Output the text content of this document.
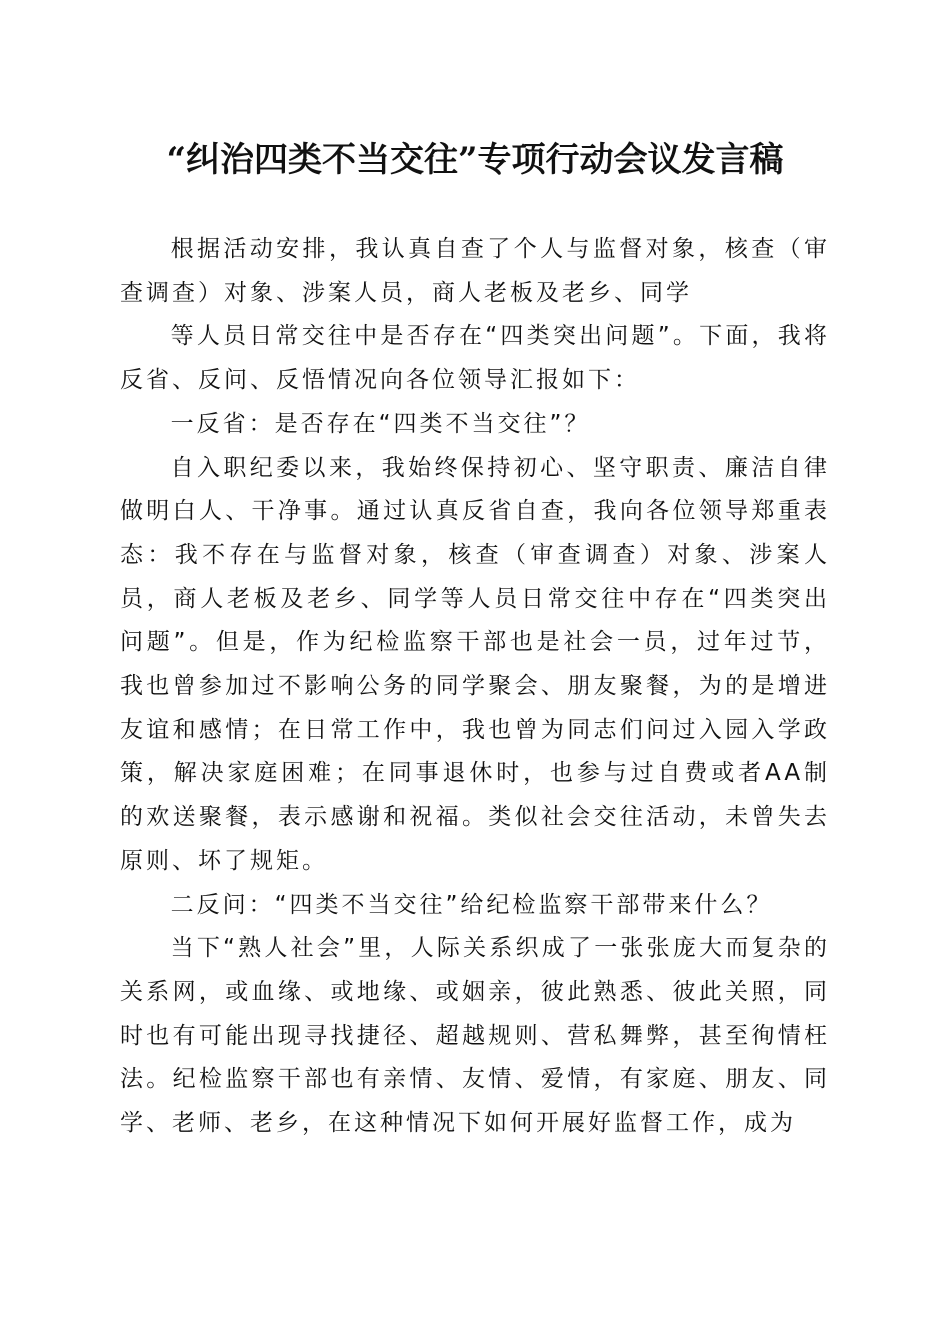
“纠治四类不当交往”专项行动会议发言稿

根据活动安排，我认真自查了个人与监督对象，核查（审查调查）对象、涉案人员，商人老板及老乡、同学

等人员日常交往中是否存在“四类突出问题”。下面，我将反省、反问、反悟情况向各位领导汇报如下：

一反省：是否存在“四类不当交往”？

自入职纪委以来，我始终保持初心、坚守职责、廉洁自律做明白人、干净事。通过认真反省自查，我向各位领导郑重表态：我不存在与监督对象，核查（审查调查）对象、涉案人员，商人老板及老乡、同学等人员日常交往中存在“四类突出问题”。但是，作为纪检监察干部也是社会一员，过年过节，我也曾参加过不影响公务的同学聚会、朋友聚餐，为的是增进友谊和感情；在日常工作中，我也曾为同志们问过入园入学政策，解决家庭困难；在同事退休时，也参与过自费或者AA制的欢送聚餐，表示感谢和祝福。类似社会交往活动，未曾失去原则、坏了规矩。

二反问：“四类不当交往”给纪检监察干部带来什么？

当下“熟人社会”里，人际关系织成了一张张庞大而复杂的关系网，或血缘、或地缘、或姻亲，彼此熟悉、彼此关照，同时也有可能出现寻找捷径、超越规则、营私舞弊，甚至徇情枉法。纪检监察干部也有亲情、友情、爱情，有家庭、朋友、同学、老师、老乡，在这种情况下如何开展好监督工作，成为
